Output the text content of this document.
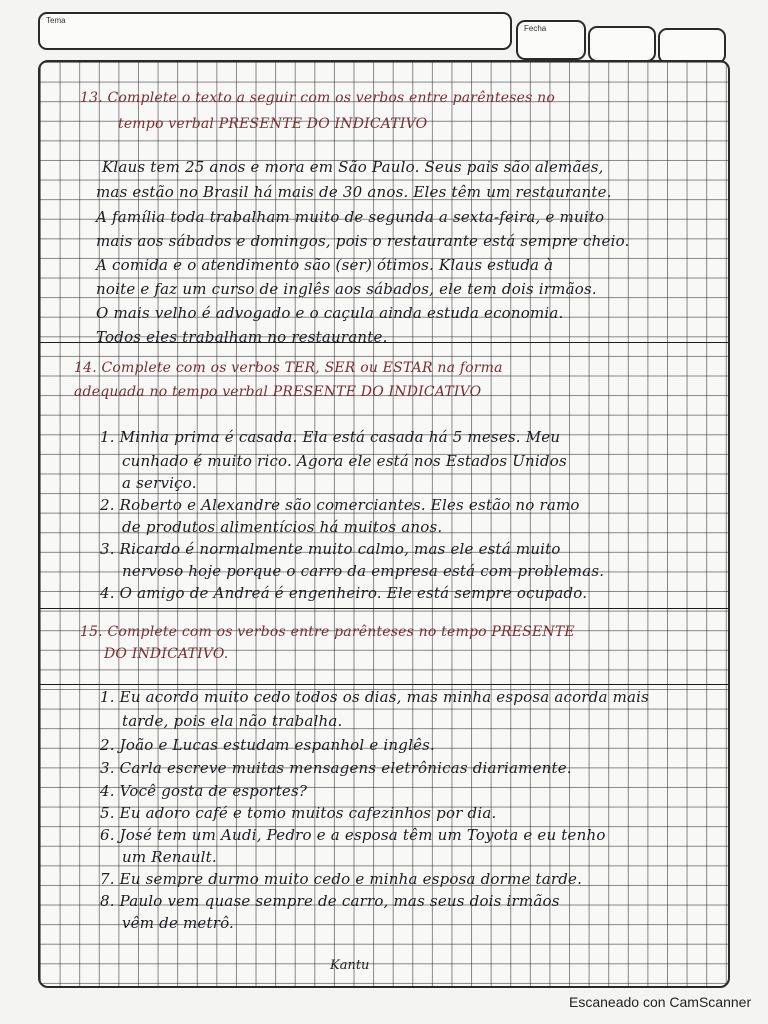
Tema
Fecha
13. Complete o texto a seguir com os verbos entre parênteses no
tempo verbal PRESENTE DO INDICATIVO
Klaus tem 25 anos e mora em São Paulo. Seus pais são alemães,
mas estão no Brasil há mais de 30 anos. Eles têm um restaurante.
A família toda trabalham muito de segunda a sexta-feira, e muito
mais aos sábados e domingos, pois o restaurante está sempre cheio.
A comida e o atendimento são (ser) ótimos. Klaus estuda à
noite e faz um curso de inglês aos sábados, ele tem dois irmãos.
O mais velho é advogado e o caçula ainda estuda economia.
Todos eles trabalham no restaurante.
14. Complete com os verbos TER, SER ou ESTAR na forma
adequada no tempo verbal PRESENTE DO INDICATIVO
1. Minha prima é casada. Ela está casada há 5 meses. Meu
cunhado é muito rico. Agora ele está nos Estados Unidos
a serviço.
2. Roberto e Alexandre são comerciantes. Eles estão no ramo
de produtos alimentícios há muitos anos.
3. Ricardo é normalmente muito calmo, mas ele está muito
nervoso hoje porque o carro da empresa está com problemas.
4. O amigo de Andreá é engenheiro. Ele está sempre ocupado.
15. Complete com os verbos entre parênteses no tempo PRESENTE
DO INDICATIVO.
1. Eu acordo muito cedo todos os dias, mas minha esposa acorda mais
tarde, pois ela não trabalha.
2. João e Lucas estudam espanhol e inglês.
3. Carla escreve muitas mensagens eletrônicas diariamente.
4. Você gosta de esportes?
5. Eu adoro café e tomo muitos cafezinhos por dia.
6. José tem um Audi, Pedro e a esposa têm um Toyota e eu tenho
um Renault.
7. Eu sempre durmo muito cedo e minha esposa dorme tarde.
8. Paulo vem quase sempre de carro, mas seus dois irmãos
vêm de metrô.
Kantu
Escaneado con CamScanner
